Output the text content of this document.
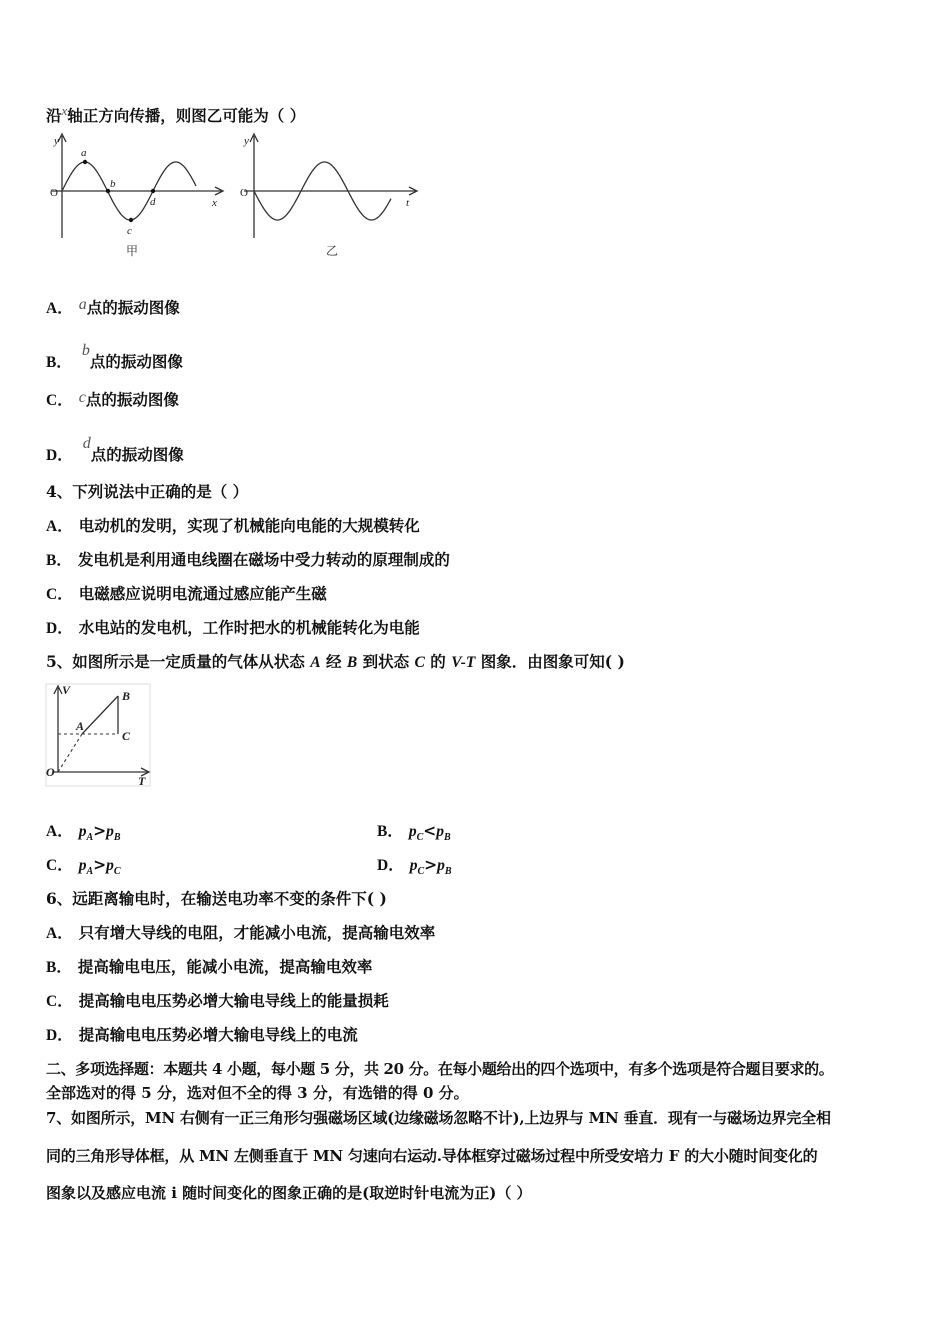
沿$^x$轴正方向传播，则图乙可能为（ ）
y
O
x
a
b
c
d
甲
y
O
t
乙
A． a点的振动图像
B．b点的振动图像
C． c点的振动图像
D．d点的振动图像
4、下列说法中正确的是（ ）
A． 电动机的发明，实现了机械能向电能的大规模转化
B． 发电机是利用通电线圈在磁场中受力转动的原理制成的
C． 电磁感应说明电流通过感应能产生磁
D． 水电站的发电机，工作时把水的机械能转化为电能
5、如图所示是一定质量的气体从状态 A 经 B 到状态 C 的 V-T 图象．由图象可知( )
V
O
T
A
B
C
A． $p_A>p_B$	B． $p_C<p_B$
C． $p_A>p_C$	D． $p_C>p_B$
6、远距离输电时，在输送电功率不变的条件下( )
A． 只有增大导线的电阻，才能减小电流，提高输电效率
B． 提高输电电压，能减小电流，提高输电效率
C． 提高输电电压势必增大输电导线上的能量损耗
D． 提高输电电压势必增大输电导线上的电流
二、多项选择题：本题共 4 小题，每小题 5 分，共 20 分。在每小题给出的四个选项中，有多个选项是符合题目要求的。
全部选对的得 5 分，选对但不全的得 3 分，有选错的得 0 分。
7、如图所示，MN 右侧有一正三角形匀强磁场区域(边缘磁场忽略不计),上边界与 MN 垂直．现有一与磁场边界完全相
同的三角形导体框，从 MN 左侧垂直于 MN 匀速向右运动.导体框穿过磁场过程中所受安培力 F 的大小随时间变化的
图象以及感应电流 i 随时间变化的图象正确的是(取逆时针电流为正)（ ）
